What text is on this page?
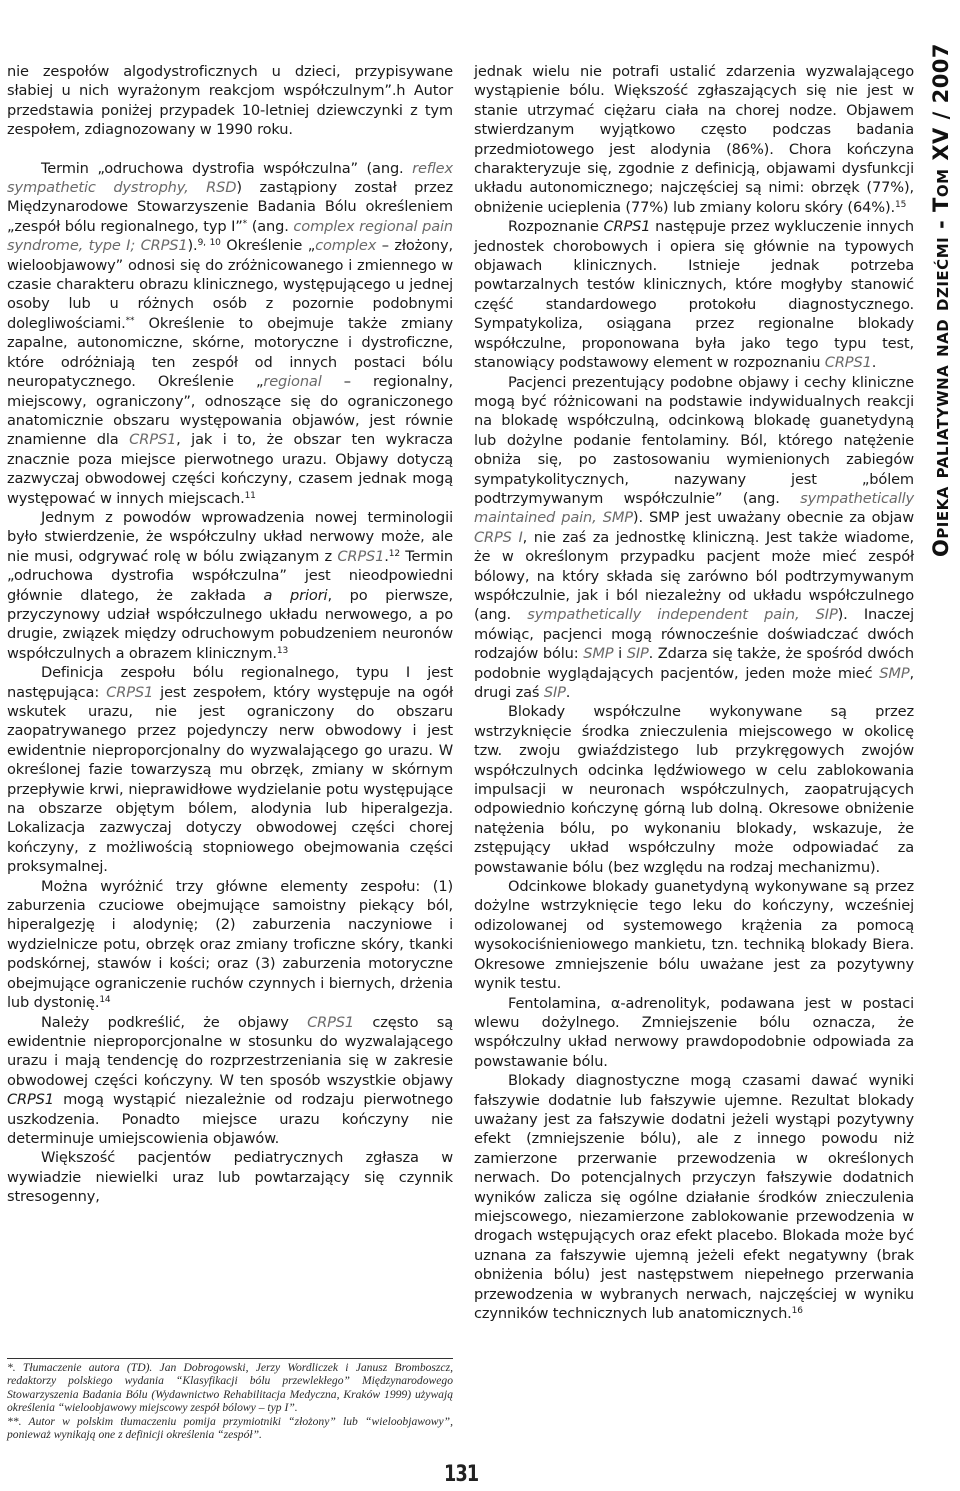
nie zespołów algodystroficznych u dzieci, przypisywane słabiej u nich wyrażonym reakcjom współczulnym”.h Autor przedstawia poniżej przypadek 10-letniej dziewczynki z tym zespołem, zdiagnozowany w 1990 roku.

Termin „odruchowa dystrofia współczulna” (ang. reflex sympathetic dystrophy, RSD) zastąpiony został przez Międzynarodowe Stowarzyszenie Badania Bólu określeniem „zespół bólu regionalnego, typ I”* (ang. complex regional pain syndrome, type I; CRPS1).$^{9, 10}$ Określenie „complex – złożony, wieloobjawowy” odnosi się do zróżnicowanego i zmiennego w czasie charakteru obrazu klinicznego, występującego u jednej osoby lub u różnych osób z pozornie podobnymi dolegliwościami.** Określenie to obejmuje także zmiany zapalne, autonomiczne, skórne, motoryczne i dystroficzne, które odróżniają ten zespół od innych postaci bólu neuropatycznego. Określenie „regional – regionalny, miejscowy, ograniczony”, odnoszące się do ograniczonego anatomicznie obszaru występowania objawów, jest równie znamienne dla CRPS1, jak i to, że obszar ten wykracza znacznie poza miejsce pierwotnego urazu. Objawy dotyczą zazwyczaj obwodowej części kończyny, czasem jednak mogą występować w innych miejscach.$^{11}$

Jednym z powodów wprowadzenia nowej terminologii było stwierdzenie, że współczulny układ nerwowy może, ale nie musi, odgrywać rolę w bólu związanym z CRPS1.12 Termin „odruchowa dystrofia współczulna” jest nieodpowiedni głównie dlatego, że zakłada a priori, po pierwsze, przyczynowy udział współczulnego układu nerwowego, a po drugie, związek między odruchowym pobudzeniem neuronów współczulnych a obrazem klinicznym.$^{13}$

Definicja zespołu bólu regionalnego, typu I jest następująca: CRPS1 jest zespołem, który występuje na ogół wskutek urazu, nie jest ograniczony do obszaru zaopatrywanego przez pojedynczy nerw obwodowy i jest ewidentnie nieproporcjonalny do wyzwalającego go urazu. W określonej fazie towarzyszą mu obrzęk, zmiany w skórnym przepływie krwi, nieprawidłowe wydzielanie potu występujące na obszarze objętym bólem, alodynia lub hiperalgezja. Lokalizacja zazwyczaj dotyczy obwodowej części chorej kończyny, z możliwością stopniowego obejmowania części proksymalnej.

Można wyróżnić trzy główne elementy zespołu: (1) zaburzenia czuciowe obejmujące samoistny piekący ból, hiperalgezję i alodynię; (2) zaburzenia naczyniowe i wydzielnicze potu, obrzęk oraz zmiany troficzne skóry, tkanki podskórnej, stawów i kości; oraz (3) zaburzenia motoryczne obejmujące ograniczenie ruchów czynnych i biernych, drżenia lub dystonię.$^{14}$

Należy podkreślić, że objawy CRPS1 często są ewidentnie nieproporcjonalne w stosunku do wyzwalającego urazu i mają tendencję do rozprzestrzeniania się w zakresie obwodowej części kończyny. W ten sposób wszystkie objawy CRPS1 mogą wystąpić niezależnie od rodzaju pierwotnego uszkodzenia. Ponadto miejsce urazu kończyny nie determinuje umiejscowienia objawów.

Większość pacjentów pediatrycznych zgłasza w wywiadzie niewielki uraz lub powtarzający się czynnik stresogenny,

*. Tłumaczenie autora (TD). Jan Dobrogowski, Jerzy Wordliczek i Janusz Bromboszcz, redaktorzy polskiego wydania “Klasyfikacji bólu przewlekłego” Międzynarodowego Stowarzyszenia Badania Bólu (Wydawnictwo Rehabilitacja Medyczna, Kraków 1999) używają określenia “wieloobjawowy miejscowy zespół bólowy – typ I”.

**. Autor w polskim tłumaczeniu pomija przymiotniki “złożony” lub “wieloobjawowy”, ponieważ wynikają one z definicji określenia “zespół”.

jednak wielu nie potrafi ustalić zdarzenia wyzwalającego wystąpienie bólu. Większość zgłaszających się nie jest w stanie utrzymać ciężaru ciała na chorej nodze. Objawem stwierdzanym wyjątkowo często podczas badania przedmiotowego jest alodynia (86%). Chora kończyna charakteryzuje się, zgodnie z definicją, objawami dysfunkcji układu autonomicznego; najczęściej są nimi: obrzęk (77%), obniżenie ucieplenia (77%) lub zmiany koloru skóry (64%).$^{15}$

Rozpoznanie CRPS1 następuje przez wykluczenie innych jednostek chorobowych i opiera się głównie na typowych objawach klinicznych. Istnieje jednak potrzeba powtarzalnych testów klinicznych, które mogłyby stanowić część standardowego protokołu diagnostycznego. Sympatykoliza, osiągana przez regionalne blokady współczulne, proponowana była jako tego typu test, stanowiący podstawowy element w rozpoznaniu CRPS1.

Pacjenci prezentujący podobne objawy i cechy kliniczne mogą być różnicowani na podstawie indywidualnych reakcji na blokadę współczulną, odcinkową blokadę guanetydyną lub dożylne podanie fentolaminy. Ból, którego natężenie obniża się, po zastosowaniu wymienionych zabiegów sympatykolitycznych, nazywany jest „bólem podtrzymywanym współczulnie” (ang. sympathetically maintained pain, SMP). SMP jest uważany obecnie za objaw CRPS I, nie zaś za jednostkę kliniczną. Jest także wiadome, że w określonym przypadku pacjent może mieć zespół bólowy, na który składa się zarówno ból podtrzymywanym współczulnie, jak i ból niezależny od układu współczulnego (ang. sympathetically independent pain, SIP). Inaczej mówiąc, pacjenci mogą równocześnie doświadczać dwóch rodzajów bólu: SMP i SIP. Zdarza się także, że spośród dwóch podobnie wyglądających pacjentów, jeden może mieć SMP, drugi zaś SIP.

Blokady współczulne wykonywane są przez wstrzyknięcie środka znieczulenia miejscowego w okolicę tzw. zwoju gwiaździstego lub przykręgowych zwojów współczulnych odcinka lędźwiowego w celu zablokowania impulsacji w neuronach współczulnych, zaopatrujących odpowiednio kończynę górną lub dolną. Okresowe obniżenie natężenia bólu, po wykonaniu blokady, wskazuje, że zstępujący układ współczulny może odpowiadać za powstawanie bólu (bez względu na rodzaj mechanizmu).

Odcinkowe blokady guanetydyną wykonywane są przez dożylne wstrzyknięcie tego leku do kończyny, wcześniej odizolowanej od systemowego krążenia za pomocą wysokociśnieniowego mankietu, tzn. techniką blokady Biera. Okresowe zmniejszenie bólu uważane jest za pozytywny wynik testu.

Fentolamina, α-adrenolityk, podawana jest w postaci wlewu dożylnego. Zmniejszenie bólu oznacza, że współczulny układ nerwowy prawdopodobnie odpowiada za powstawanie bólu.

Blokady diagnostyczne mogą czasami dawać wyniki fałszywie dodatnie lub fałszywie ujemne. Rezultat blokady uważany jest za fałszywie dodatni jeżeli wystąpi pozytywny efekt (zmniejszenie bólu), ale z innego powodu niż zamierzone przerwanie przewodzenia w określonych nerwach. Do potencjalnych przyczyn fałszywie dodatnich wyników zalicza się ogólne działanie środków znieczulenia miejscowego, niezamierzone zablokowanie przewodzenia w drogach wstępujących oraz efekt placebo. Blokada może być uznana za fałszywie ujemną jeżeli efekt negatywny (brak obniżenia bólu) jest następstwem niepełnego przerwania przewodzenia w wybranych nerwach, najczęściej w wyniku czynników technicznych lub anatomicznych.$^{16}$

131
Opieka paliatywna nad dziećmi - Tom XV / 2007
